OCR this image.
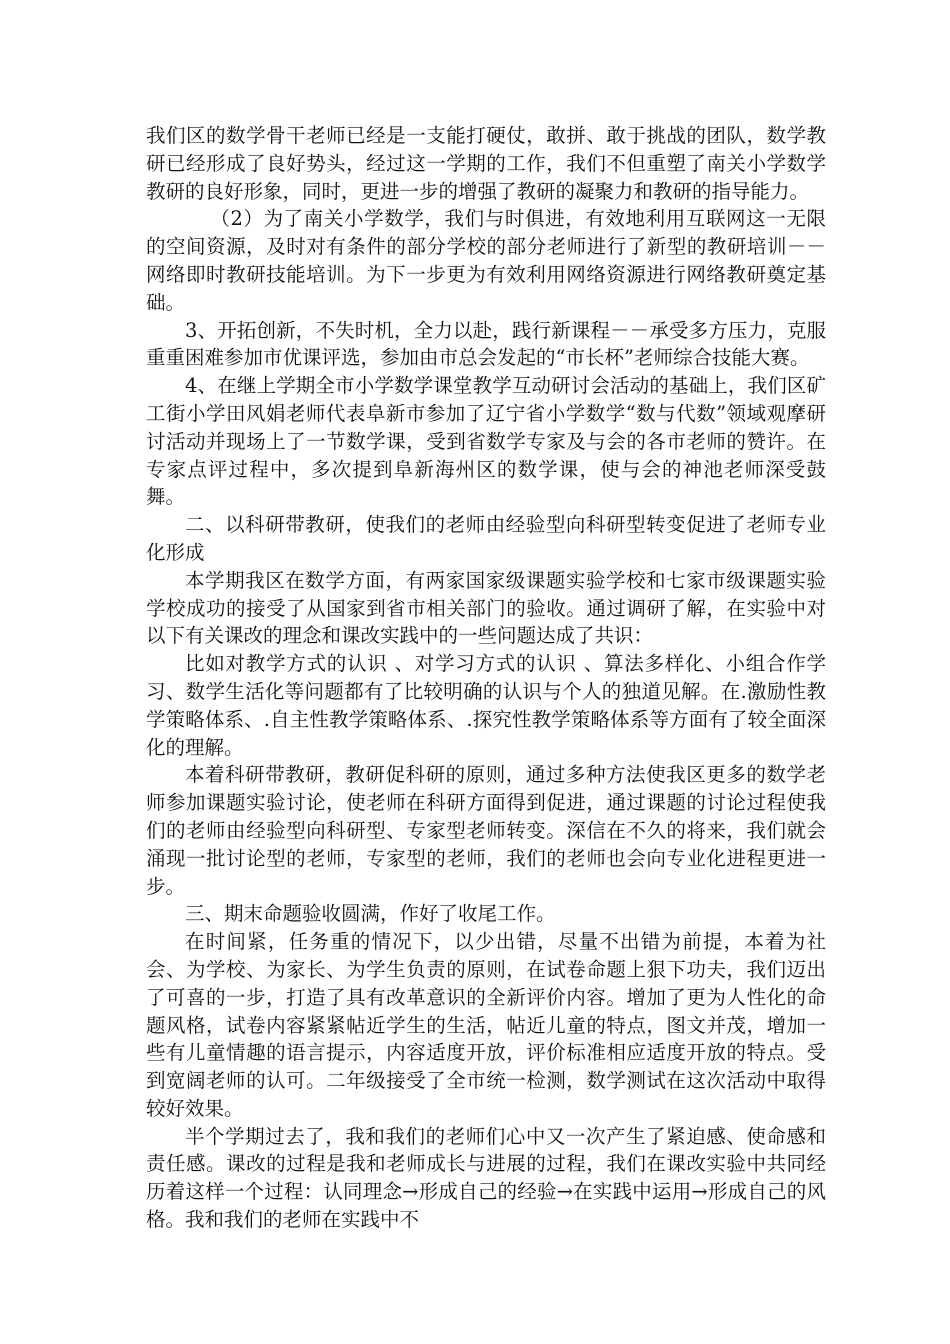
我们区的数学骨干老师已经是一支能打硬仗，敢拼、敢于挑战的团队，数学教研已经形成了良好势头，经过这一学期的工作，我们不但重塑了南关小学数学教研的良好形象，同时，更进一步的增强了教研的凝聚力和教研的指导能力。

（2）为了南关小学数学，我们与时俱进，有效地利用互联网这一无限的空间资源，及时对有条件的部分学校的部分老师进行了新型的教研培训－－网络即时教研技能培训。为下一步更为有效利用网络资源进行网络教研奠定基础。

3、开拓创新，不失时机，全力以赴，践行新课程－－承受多方压力，克服重重困难参加市优课评选，参加由市总会发起的“市长杯”老师综合技能大赛。

4、在继上学期全市小学数学课堂教学互动研讨会活动的基础上，我们区矿工街小学田风娟老师代表阜新市参加了辽宁省小学数学“数与代数”领域观摩研讨活动并现场上了一节数学课，受到省数学专家及与会的各市老师的赞许。在专家点评过程中，多次提到阜新海州区的数学课，使与会的神池老师深受鼓舞。

二、以科研带教研，使我们的老师由经验型向科研型转变促进了老师专业化形成

本学期我区在数学方面，有两家国家级课题实验学校和七家市级课题实验学校成功的接受了从国家到省市相关部门的验收。通过调研了解，在实验中对以下有关课改的理念和课改实践中的一些问题达成了共识：

比如对教学方式的认识 、对学习方式的认识 、算法多样化、小组合作学习、数学生活化等问题都有了比较明确的认识与个人的独道见解。在.激励性教学策略体系、.自主性教学策略体系、.探究性教学策略体系等方面有了较全面深化的理解。

本着科研带教研，教研促科研的原则，通过多种方法使我区更多的数学老师参加课题实验讨论，使老师在科研方面得到促进，通过课题的讨论过程使我们的老师由经验型向科研型、专家型老师转变。深信在不久的将来，我们就会涌现一批讨论型的老师，专家型的老师，我们的老师也会向专业化进程更进一步。

三、期末命题验收圆满，作好了收尾工作。

在时间紧，任务重的情况下，以少出错，尽量不出错为前提，本着为社会、为学校、为家长、为学生负责的原则，在试卷命题上狠下功夫，我们迈出了可喜的一步，打造了具有改革意识的全新评价内容。增加了更为人性化的命题风格，试卷内容紧紧帖近学生的生活，帖近儿童的特点，图文并茂，增加一些有儿童情趣的语言提示，内容适度开放，评价标准相应适度开放的特点。受到宽阔老师的认可。二年级接受了全市统一检测，数学测试在这次活动中取得较好效果。

半个学期过去了，我和我们的老师们心中又一次产生了紧迫感、使命感和责任感。课改的过程是我和老师成长与进展的过程，我们在课改实验中共同经历着这样一个过程：认同理念→形成自己的经验→在实践中运用→形成自己的风格。我和我们的老师在实践中不
